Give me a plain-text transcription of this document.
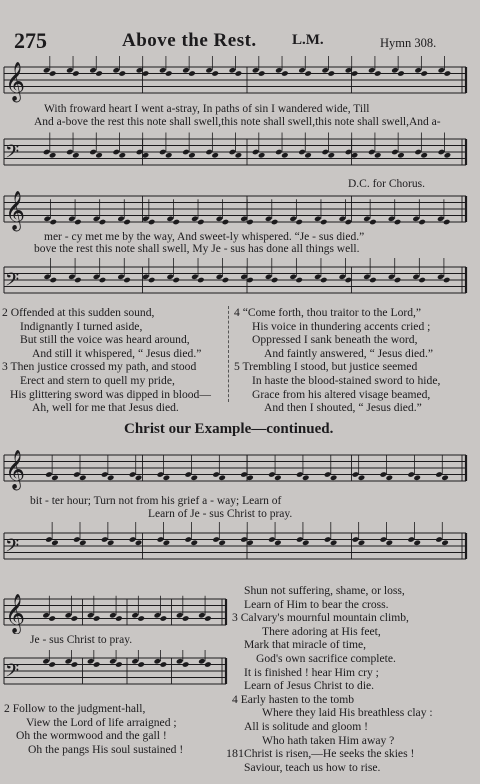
275	Above the Rest. L.M.	Hymn 308.
𝄞
With froward heart I went a-stray, In paths of sin I wandered wide, Till
And a-bove the rest this note shall swell,this note shall swell,this note shall swell,And a-
𝄢
D.C. for Chorus.
𝄞
mer - cy met me by the way, And sweet-ly whispered. “Je - sus died.”
bove the rest this note shall swell, My Je - sus has done all things well.
𝄢
2 Offended at this sudden sound,
Indignantly I turned aside,
But still the voice was heard around,
And still it whispered, “ Jesus died.”
3 Then justice crossed my path, and stood
Erect and stern to quell my pride,
His glittering sword was dipped in blood—
Ah, well for me that Jesus died.
4 “Come forth, thou traitor to the Lord,”
His voice in thundering accents cried ;
Oppressed I sank beneath the word,
And faintly answered, “ Jesus died.”
5 Trembling I stood, but justice seemed
In haste the blood-stained sword to hide,
Grace from his altered visage beamed,
And then I shouted, “ Jesus died.”
Christ our Example—continued.
𝄞
bit - ter hour; Turn not from his grief a - way; Learn of
Learn of Je - sus Christ to pray.
𝄢
𝄞
Je - sus Christ to pray.
𝄢
Shun not suffering, shame, or loss,
Learn of Him to bear the cross.
3 Calvary's mournful mountain climb,
There adoring at His feet,
Mark that miracle of time,
God's own sacrifice complete.
It is finished ! hear Him cry ;
Learn of Jesus Christ to die.
4 Early hasten to the tomb
Where they laid His breathless clay :
All is solitude and gloom !
Who hath taken Him away ?
Christ is risen,—He seeks the skies !
Saviour, teach us how to rise.
2 Follow to the judgment-hall,
View the Lord of life arraigned ;
Oh the wormwood and the gall !
Oh the pangs His soul sustained !	181
